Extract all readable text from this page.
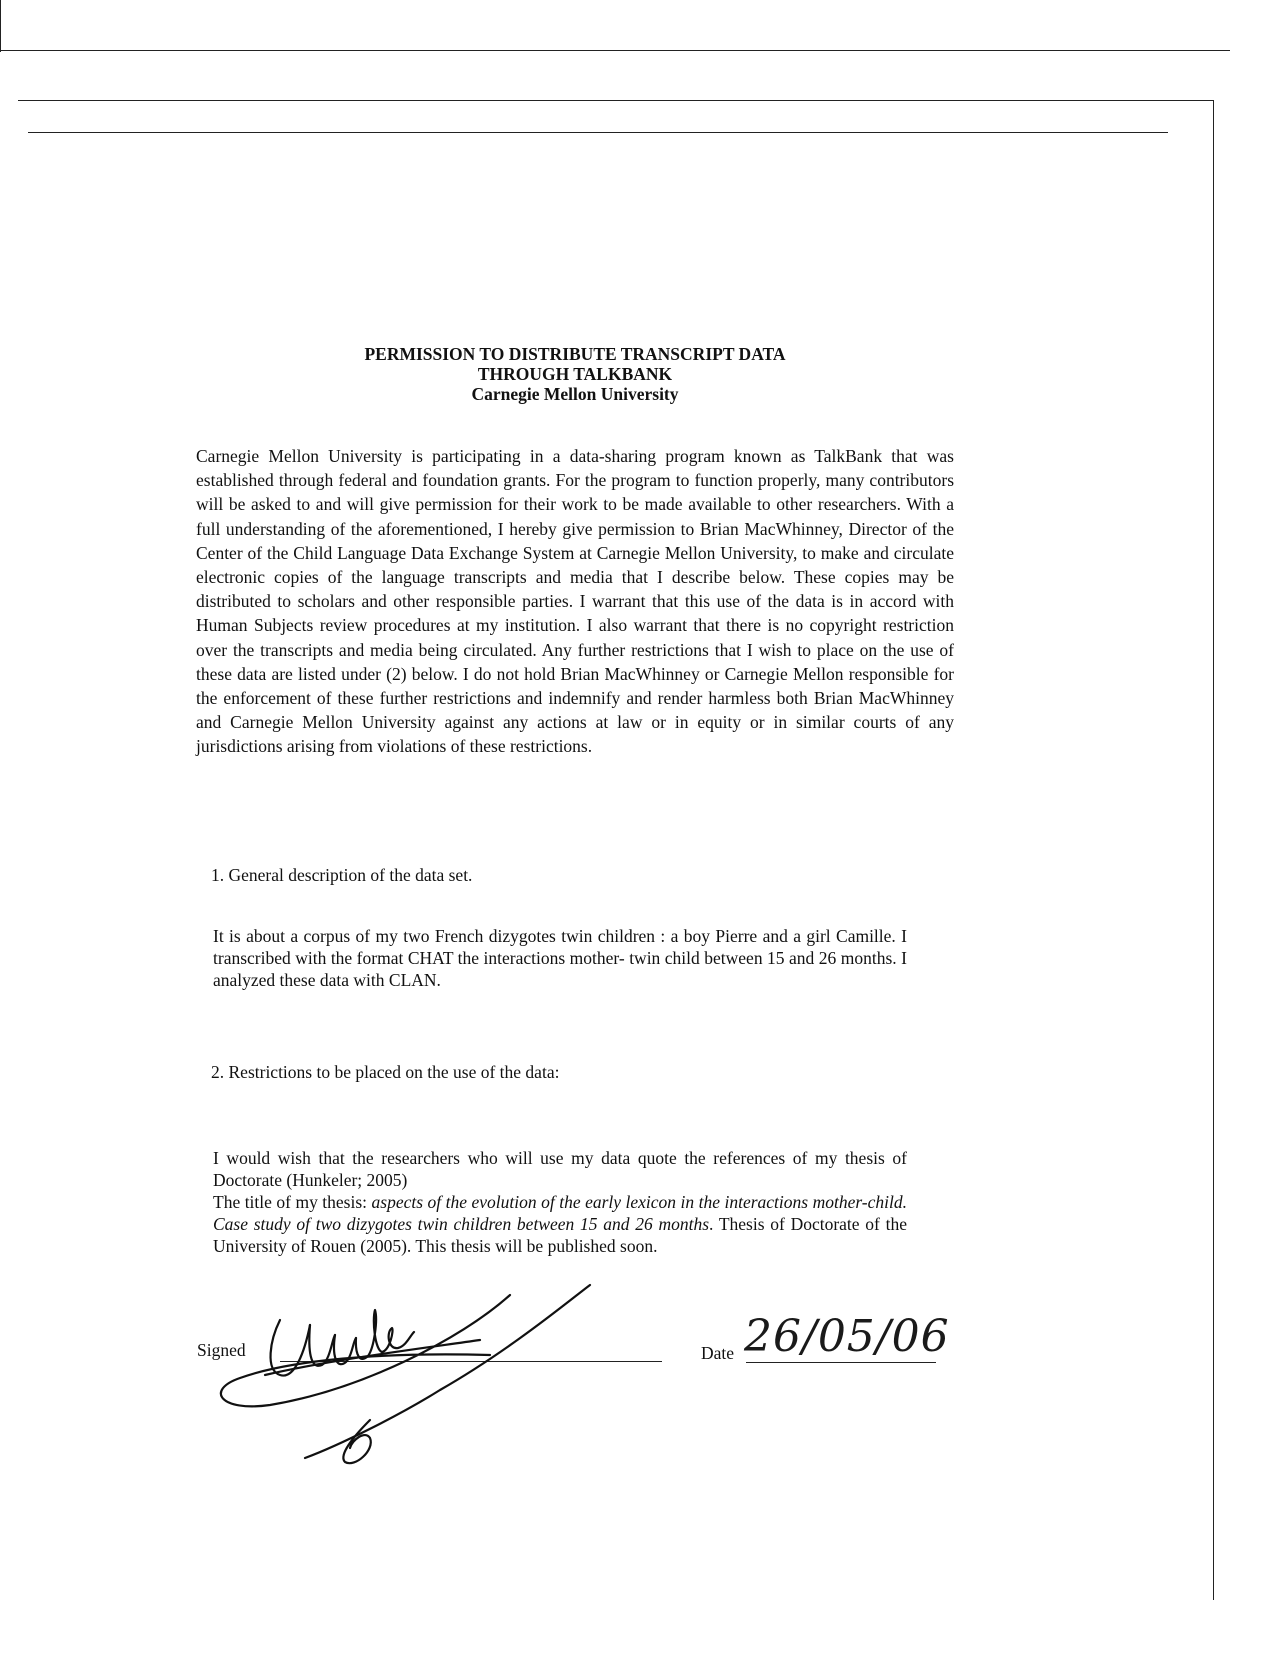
PERMISSION TO DISTRIBUTE TRANSCRIPT DATA
THROUGH TALKBANK
Carnegie Mellon University

Carnegie Mellon University is participating in a data-sharing program known as TalkBank that was established through federal and foundation grants. For the program to function properly, many contributors will be asked to and will give permission for their work to be made available to other researchers. With a full understanding of the aforementioned, I hereby give permission to Brian MacWhinney, Director of the Center of the Child Language Data Exchange System at Carnegie Mellon University, to make and circulate electronic copies of the language transcripts and media that I describe below. These copies may be distributed to scholars and other responsible parties. I warrant that this use of the data is in accord with Human Subjects review procedures at my institution. I also warrant that there is no copyright restriction over the transcripts and media being circulated. Any further restrictions that I wish to place on the use of these data are listed under (2) below. I do not hold Brian MacWhinney or Carnegie Mellon responsible for the enforcement of these further restrictions and indemnify and render harmless both Brian MacWhinney and Carnegie Mellon University against any actions at law or in equity or in similar courts of any jurisdictions arising from violations of these restrictions.

1. General description of the data set.

It is about a corpus of my two French dizygotes twin children : a boy Pierre and a girl Camille. I transcribed with the format CHAT the interactions mother- twin child between 15 and 26 months. I analyzed these data with CLAN.

2. Restrictions to be placed on the use of the data:

I would wish that the researchers who will use my data quote the references of my thesis of Doctorate (Hunkeler; 2005)
The title of my thesis: aspects of the evolution of the early lexicon in the interactions mother-child. Case study of two dizygotes twin children between 15 and 26 months. Thesis of Doctorate of the University of Rouen (2005). This thesis will be published soon.
Signed	Date 26/05/06
